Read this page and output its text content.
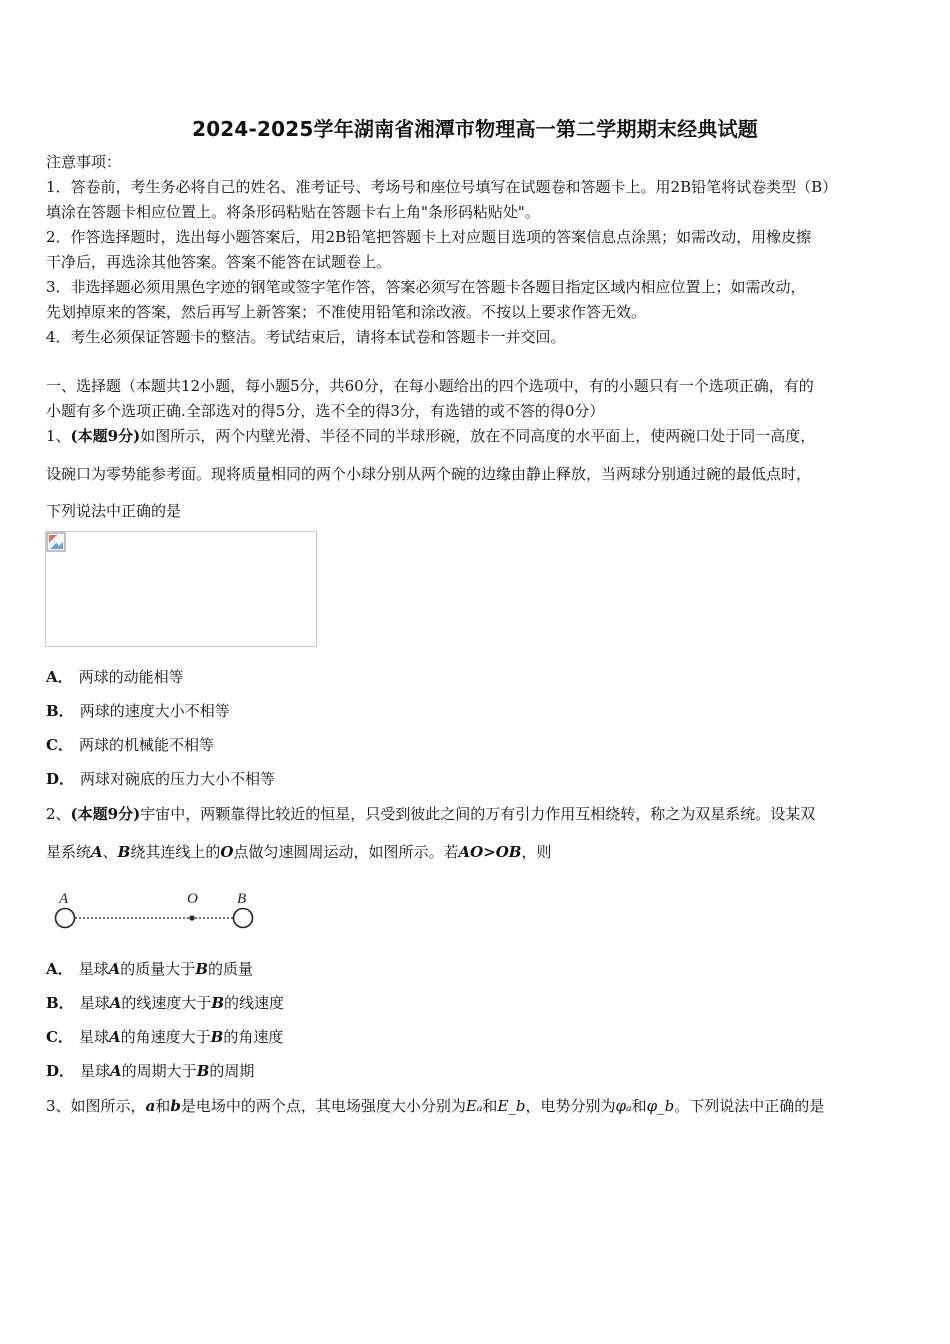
2024-2025学年湖南省湘潭市物理高一第二学期期末经典试题
注意事项：
1．答卷前，考生务必将自己的姓名、准考证号、考场号和座位号填写在试题卷和答题卡上。用2B铅笔将试卷类型（B）
填涂在答题卡相应位置上。将条形码粘贴在答题卡右上角"条形码粘贴处"。
2．作答选择题时，选出每小题答案后，用2B铅笔把答题卡上对应题目选项的答案信息点涂黑；如需改动，用橡皮擦
干净后，再选涂其他答案。答案不能答在试题卷上。
3．非选择题必须用黑色字迹的钢笔或签字笔作答，答案必须写在答题卡各题目指定区域内相应位置上；如需改动，
先划掉原来的答案，然后再写上新答案；不准使用铅笔和涂改液。不按以上要求作答无效。
4．考生必须保证答题卡的整洁。考试结束后，请将本试卷和答题卡一并交回。
一、选择题（本题共12小题，每小题5分，共60分，在每小题给出的四个选项中，有的小题只有一个选项正确，有的
小题有多个选项正确.全部选对的得5分，选不全的得3分，有选错的或不答的得0分）
1、(本题9分)如图所示，两个内壁光滑、半径不同的半球形碗，放在不同高度的水平面上，使两碗口处于同一高度，
设碗口为零势能参考面。现将质量相同的两个小球分别从两个碗的边缘由静止释放，当两球分别通过碗的最低点时，
下列说法中正确的是
A． 两球的动能相等
B． 两球的速度大小不相等
C． 两球的机械能不相等
D． 两球对碗底的压力大小不相等
2、(本题9分)宇宙中，两颗靠得比较近的恒星，只受到彼此之间的万有引力作用互相绕转，称之为双星系统。设某双
星系统A、B绕其连线上的O点做匀速圆周运动，如图所示。若AO>OB，则
A	O	B
A． 星球A的质量大于B的质量
B． 星球A的线速度大于B的线速度
C． 星球A的角速度大于B的角速度
D． 星球A的周期大于B的周期
3、如图所示，a和b是电场中的两个点，其电场强度大小分别为Eₐ和E_b，电势分别为φₐ和φ_b。下列说法中正确的是
